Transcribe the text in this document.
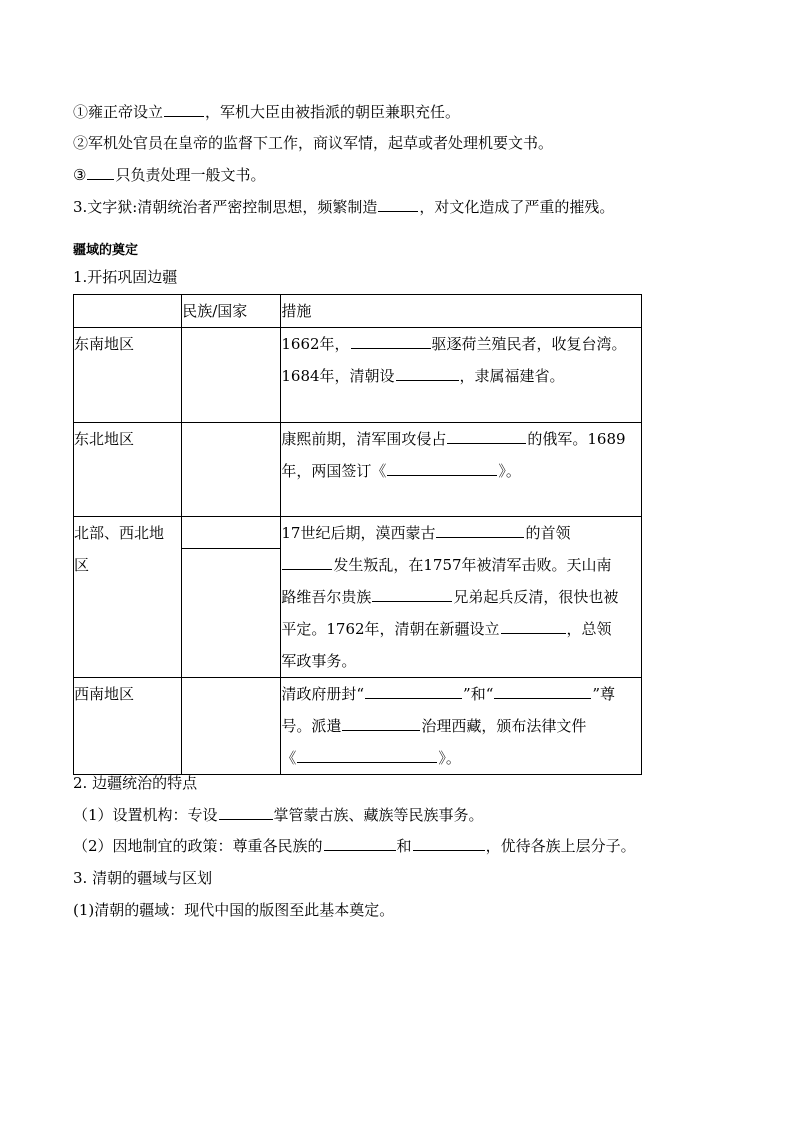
①雍正帝设立	，军机大臣由被指派的朝臣兼职充任。
②军机处官员在皇帝的监督下工作，商议军情，起草或者处理机要文书。
③ 只负责处理一般文书。
3.文字狱:清朝统治者严密控制思想，频繁制造	，对文化造成了严重的摧残。
疆域的奠定
1.开拓巩固边疆
	民族/国家	措施
东南地区		1662年， 驱逐荷兰殖民者，收复台湾。
1684年，清朝设 ，隶属福建省。

东北地区		康熙前期，清军围攻侵占 的俄军。1689
年，两国签订《 》。

北部、西北地区		17世纪后期，漠西蒙古 的首领
发生叛乱，在1757年被清军击败。天山南
路维吾尔贵族 兄弟起兵反清，很快也被
平定。1762年，清朝在新疆设立 ，总领
军政事务。

西南地区		清政府册封“ ”和“ ”尊
号。派遣 治理西藏，颁布法律文件
《 》。
2. 边疆统治的特点
（1）设置机构：专设	掌管蒙古族、藏族等民族事务。
（2）因地制宜的政策：尊重各民族的	和	，优待各族上层分子。
3. 清朝的疆域与区划
(1)清朝的疆域：现代中国的版图至此基本奠定。
